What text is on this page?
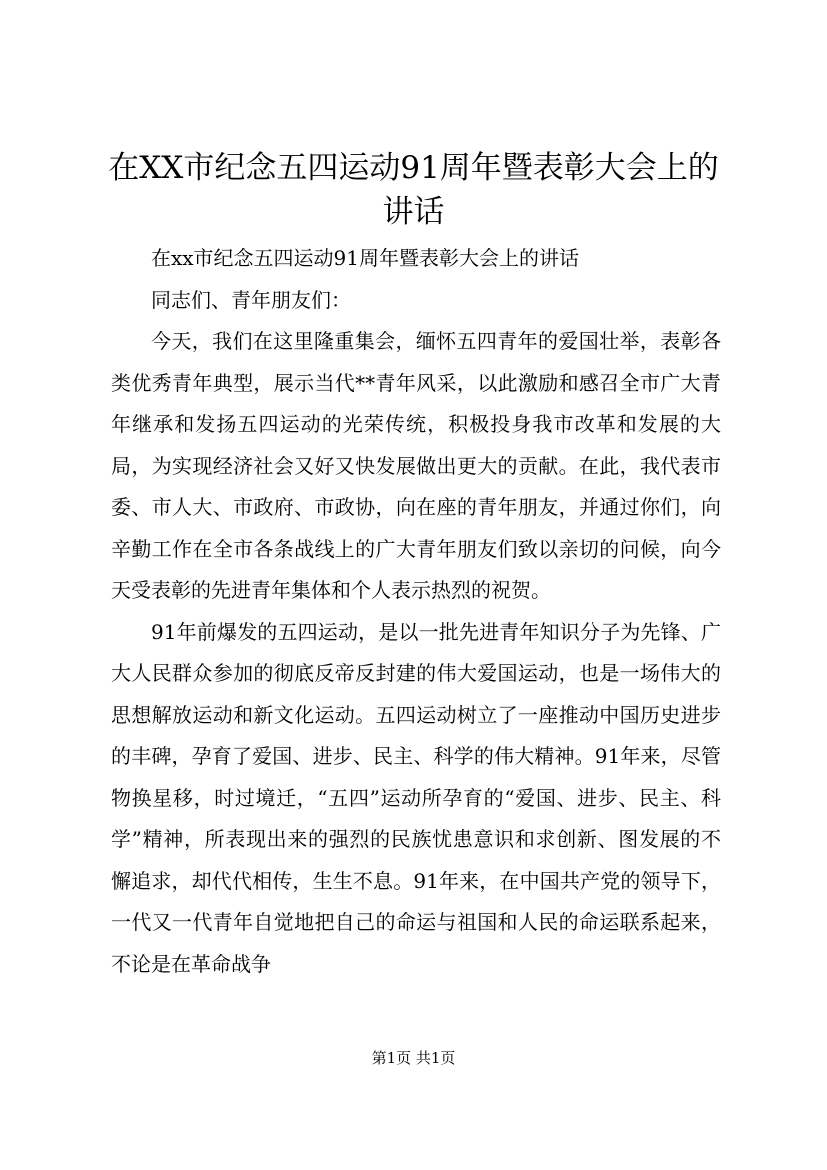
在XX市纪念五四运动91周年暨表彰大会上的
讲话

在xx市纪念五四运动91周年暨表彰大会上的讲话

同志们、青年朋友们：

今天，我们在这里隆重集会，缅怀五四青年的爱国壮举，表彰各类优秀青年典型，展示当代**青年风采，以此激励和感召全市广大青年继承和发扬五四运动的光荣传统，积极投身我市改革和发展的大局，为实现经济社会又好又快发展做出更大的贡献。在此，我代表市委、市人大、市政府、市政协，向在座的青年朋友，并通过你们，向辛勤工作在全市各条战线上的广大青年朋友们致以亲切的问候，向今天受表彰的先进青年集体和个人表示热烈的祝贺。

91年前爆发的五四运动，是以一批先进青年知识分子为先锋、广大人民群众参加的彻底反帝反封建的伟大爱国运动，也是一场伟大的思想解放运动和新文化运动。五四运动树立了一座推动中国历史进步的丰碑，孕育了爱国、进步、民主、科学的伟大精神。91年来，尽管物换星移，时过境迁，“五四”运动所孕育的“爱国、进步、民主、科学”精神，所表现出来的强烈的民族忧患意识和求创新、图发展的不懈追求，却代代相传，生生不息。91年来，在中国共产党的领导下，一代又一代青年自觉地把自己的命运与祖国和人民的命运联系起来，不论是在革命战争

第1页 共1页
